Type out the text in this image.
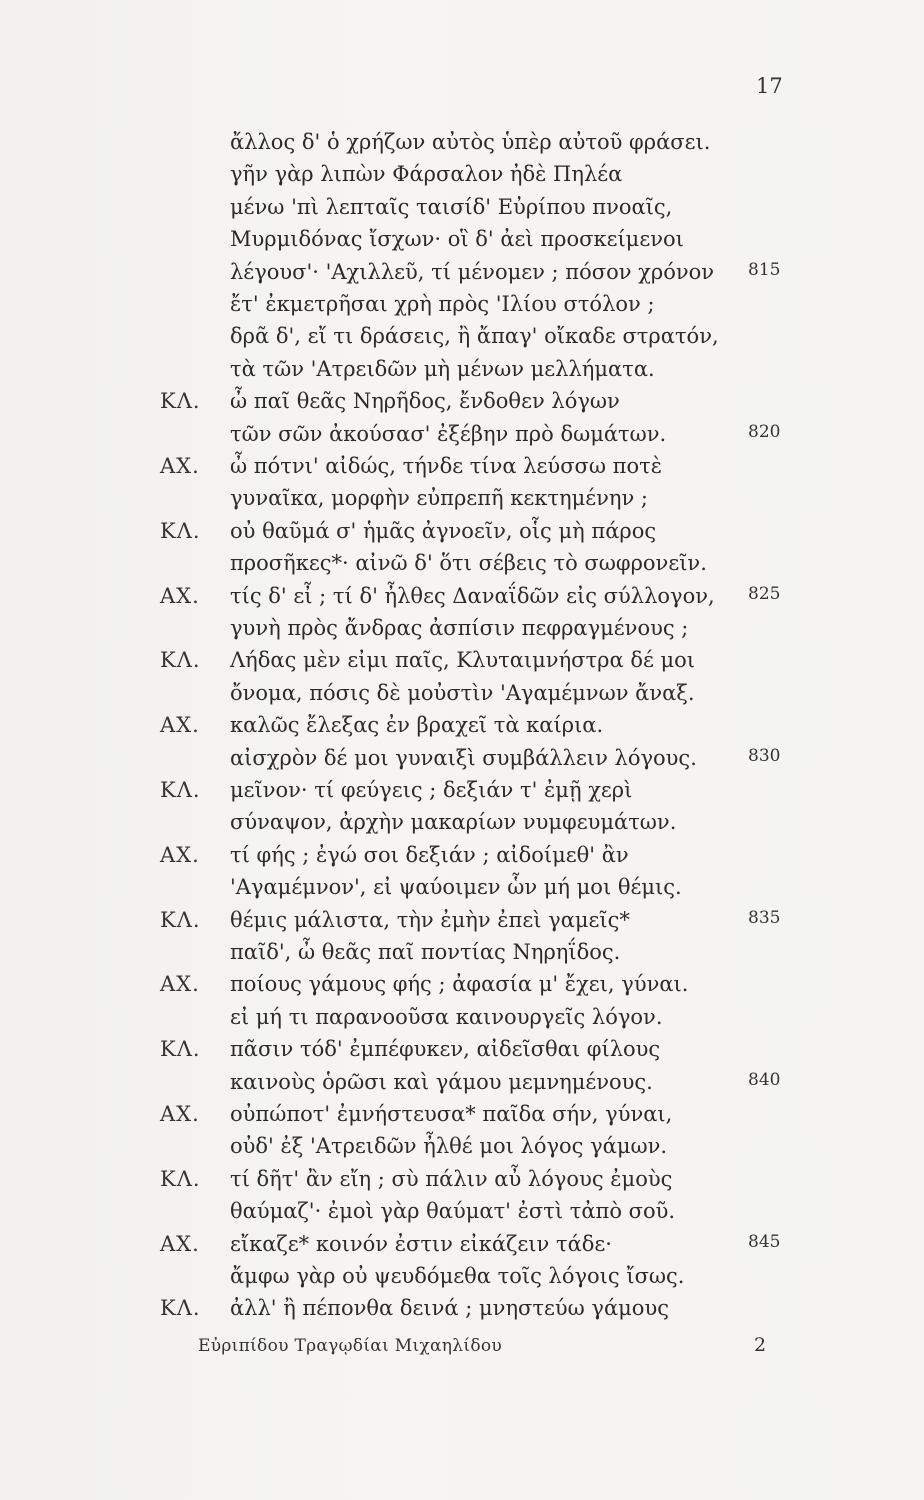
17
ἄλλος δ' ὁ χρήζων αὐτὸς ὑπὲρ αὐτοῦ φράσει.
γῆν γὰρ λιπὼν Φάρσαλον ἠδὲ Πηλέα
μένω 'πὶ λεπταῖς ταισίδ' Εὐρίπου πνοαῖς,
Μυρμιδόνας ἴσχων· οἳ δ' ἀεὶ προσκείμενοι
λέγουσ'· 'Αχιλλεῦ, τί μένομεν ; πόσον χρόνον 815
ἔτ' ἐκμετρῆσαι χρὴ πρὸς 'Ιλίου στόλον ;
δρᾶ δ', εἴ τι δράσεις, ἢ ἄπαγ' οἴκαδε στρατόν,
τὰ τῶν 'Ατρειδῶν μὴ μένων μελλήματα.
ΚΛ. ὦ παῖ θεᾶς Νηρῆδος, ἔνδοθεν λόγων
τῶν σῶν ἀκούσασ' ἐξέβην πρὸ δωμάτων.	820
ΑΧ. ὦ πότνι' αἰδώς, τήνδε τίνα λεύσσω ποτὲ
γυναῖκα, μορφὴν εὐπρεπῆ κεκτημένην ;
ΚΛ. οὐ θαῦμά σ' ἡμᾶς ἀγνοεῖν, οἷς μὴ πάρος
προσῆκες*· αἰνῶ δ' ὅτι σέβεις τὸ σωφρονεῖν.
ΑΧ. τίς δ' εἶ ; τί δ' ἦλθες Δαναΐδῶν εἰς σύλλογον, 825
γυνὴ πρὸς ἄνδρας ἀσπίσιν πεφραγμένους ;
ΚΛ. Λήδας μὲν εἰμι παῖς, Κλυταιμνήστρα δέ μοι
ὄνομα, πόσις δὲ μοὐστὶν 'Αγαμέμνων ἄναξ.
ΑΧ. καλῶς ἔλεξας ἐν βραχεῖ τὰ καίρια.
αἰσχρὸν δέ μοι γυναιξὶ συμβάλλειν λόγους.	830
ΚΛ. μεῖνον· τί φεύγεις ; δεξιάν τ' ἐμῇ χερὶ
σύναψον, ἀρχὴν μακαρίων νυμφευμάτων.
ΑΧ. τί φής ; ἐγώ σοι δεξιάν ; αἰδοίμεθ' ἂν
'Αγαμέμνον', εἰ ψαύοιμεν ὧν μή μοι θέμις.
ΚΛ. θέμις μάλιστα, τὴν ἐμὴν ἐπεὶ γαμεῖς*	835
παῖδ', ὦ θεᾶς παῖ ποντίας Νηρηΐδος.
ΑΧ. ποίους γάμους φής ; ἀφασία μ' ἔχει, γύναι.
εἰ μή τι παρανοοῦσα καινουργεῖς λόγον.
ΚΛ. πᾶσιν τόδ' ἐμπέφυκεν, αἰδεῖσθαι φίλους
καινοὺς ὁρῶσι καὶ γάμου μεμνημένους.	840
ΑΧ. οὐπώποτ' ἐμνήστευσα* παῖδα σήν, γύναι,
οὐδ' ἐξ 'Ατρειδῶν ἦλθέ μοι λόγος γάμων.
ΚΛ. τί δῆτ' ἂν εἴη ; σὺ πάλιν αὖ λόγους ἐμοὺς
θαύμαζ'· ἐμοὶ γὰρ θαύματ' ἐστὶ τἀπὸ σοῦ.
ΑΧ. εἴκαζε* κοινόν ἐστιν εἰκάζειν τάδε·	845
ἄμφω γὰρ οὐ ψευδόμεθα τοῖς λόγοις ἴσως.
ΚΛ. ἀλλ' ἢ πέπονθα δεινά ; μνηστεύω γάμους
Εὐριπίδου Τραγῳδίαι Μιχαηλίδου	2
